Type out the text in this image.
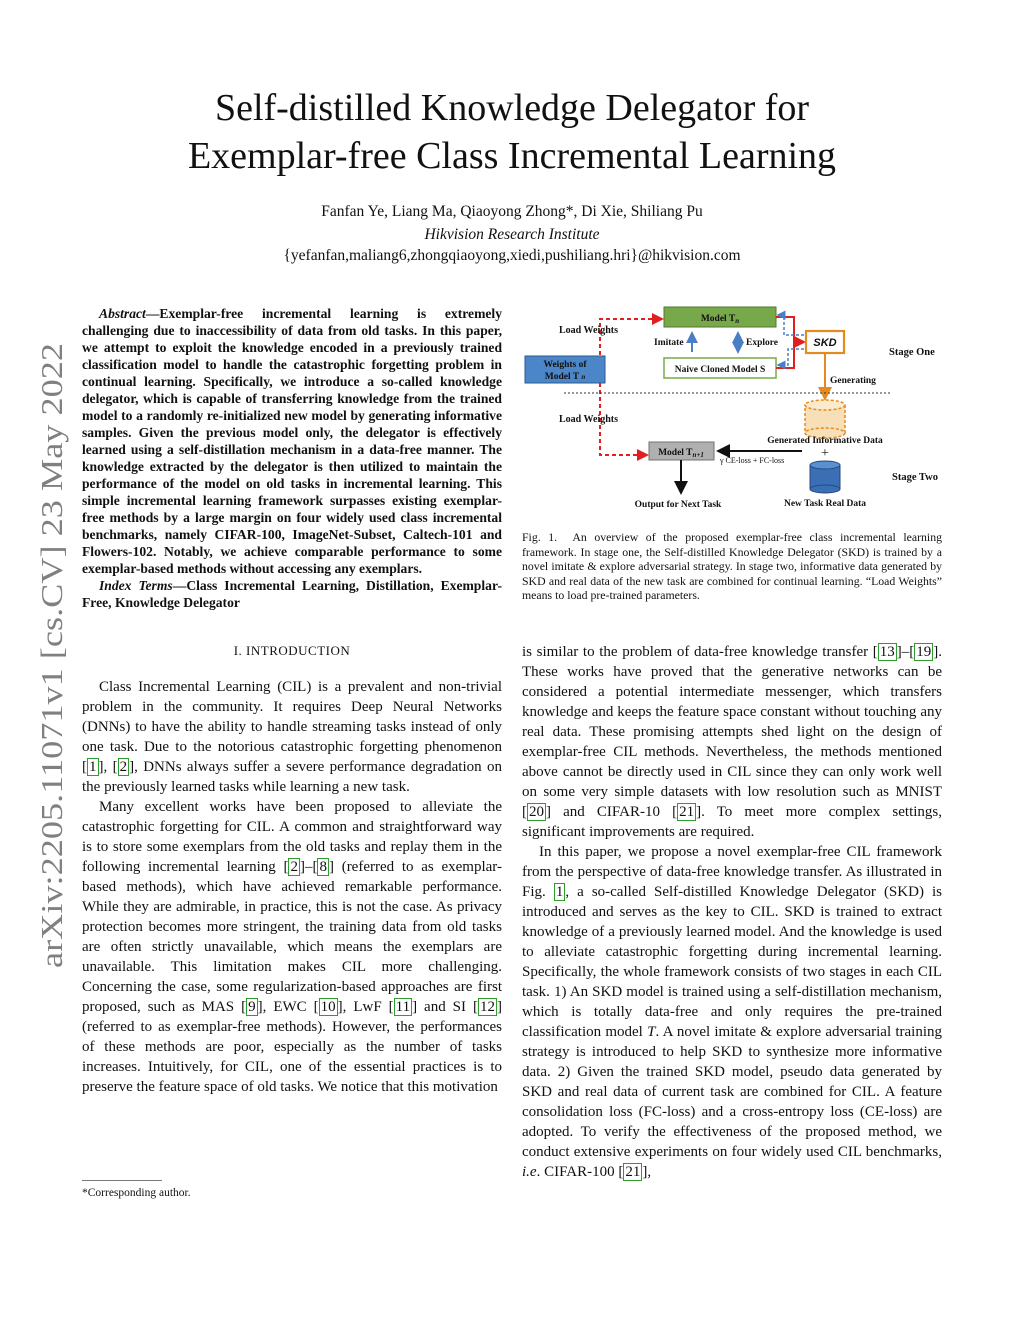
arXiv:2205.11071v1 [cs.CV] 23 May 2022
Self-distilled Knowledge Delegator for
Exemplar-free Class Incremental Learning
Fanfan Ye, Liang Ma, Qiaoyong Zhong*, Di Xie, Shiliang Pu
Hikvision Research Institute
{yefanfan,maliang6,zhongqiaoyong,xiedi,pushiliang.hri}@hikvision.com

Abstract—Exemplar-free incremental learning is extremely challenging due to inaccessibility of data from old tasks. In this paper, we attempt to exploit the knowledge encoded in a previously trained classification model to handle the catastrophic forgetting problem in continual learning. Specifically, we introduce a so-called knowledge delegator, which is capable of transferring knowledge from the trained model to a randomly re-initialized new model by generating informative samples. Given the previous model only, the delegator is effectively learned using a self-distillation mechanism in a data-free manner. The knowledge extracted by the delegator is then utilized to maintain the performance of the model on old tasks in incremental learning. This simple incremental learning framework surpasses existing exemplar-free methods by a large margin on four widely used class incremental benchmarks, namely CIFAR-100, ImageNet-Subset, Caltech-101 and Flowers-102. Notably, we achieve comparable performance to some exemplar-based methods without accessing any exemplars.

Index Terms—Class Incremental Learning, Distillation, Exemplar-Free, Knowledge Delegator

I. INTRODUCTION

Class Incremental Learning (CIL) is a prevalent and non-trivial problem in the community. It requires Deep Neural Networks (DNNs) to have the ability to handle streaming tasks instead of only one task. Due to the notorious catastrophic forgetting phenomenon [ 1 ], [ 2 ], DNNs always suffer a severe performance degradation on the previously learned tasks while learning a new task.

Many excellent works have been proposed to alleviate the catastrophic forgetting for CIL. A common and straightforward way is to store some exemplars from the old tasks and replay them in the following incremental learning [ 2 ]–[ 8 ] (referred to as exemplar-based methods), which have achieved remarkable performance. While they are admirable, in practice, this is not the case. As privacy protection becomes more stringent, the training data from old tasks are often strictly unavailable, which means the exemplars are unavailable. This limitation makes CIL more challenging. Concerning the case, some regularization-based approaches are first proposed, such as MAS [ 9 ], EWC [ 10 ], LwF [ 11 ] and SI [ 12 ] (referred to as exemplar-free methods). However, the performances of these methods are poor, especially as the number of tasks increases. Intuitively, for CIL, one of the essential practices is to preserve the feature space of old tasks. We notice that this motivation

*Corresponding author.
Load Weights
Load Weights
Weights of
Model T n
Model $T_n$
Naive Cloned Model S
Imitate	Explore	SKD
Stage One
Generating
Generated Informative Data
+
New Task Real Data
Stage Two
Model $T_{n+1}$
γ CE-loss + FC-loss
Output for Next Task
Fig. 1. An overview of the proposed exemplar-free class incremental learning framework. In stage one, the Self-distilled Knowledge Delegator (SKD) is trained by a novel imitate & explore adversarial strategy. In stage two, informative data generated by SKD and real data of the new task are combined for continual learning. “Load Weights” means to load pre-trained parameters.

is similar to the problem of data-free knowledge transfer [ 13 ]–[ 19 ]. These works have proved that the generative networks can be considered a potential intermediate messenger, which transfers knowledge and keeps the feature space constant without touching any real data. These promising attempts shed light on the design of exemplar-free CIL methods. Nevertheless, the methods mentioned above cannot be directly used in CIL since they can only work well on some very simple datasets with low resolution such as MNIST [ 20 ] and CIFAR-10 [ 21 ]. To meet more complex settings, significant improvements are required.

In this paper, we propose a novel exemplar-free CIL framework from the perspective of data-free knowledge transfer. As illustrated in Fig. 1 , a so-called Self-distilled Knowledge Delegator (SKD) is introduced and serves as the key to CIL. SKD is trained to extract knowledge of a previously learned model. And the knowledge is used to alleviate catastrophic forgetting during incremental learning. Specifically, the whole framework consists of two stages in each CIL task. 1) An SKD model is trained using a self-distillation mechanism, which is totally data-free and only requires the pre-trained classification model T. A novel imitate & explore adversarial training strategy is introduced to help SKD to synthesize more informative data. 2) Given the trained SKD model, pseudo data generated by SKD and real data of current task are combined for CIL. A feature consolidation loss (FC-loss) and a cross-entropy loss (CE-loss) are adopted. To verify the effectiveness of the proposed method, we conduct extensive experiments on four widely used CIL benchmarks, i.e. CIFAR-100 [ 21 ],
